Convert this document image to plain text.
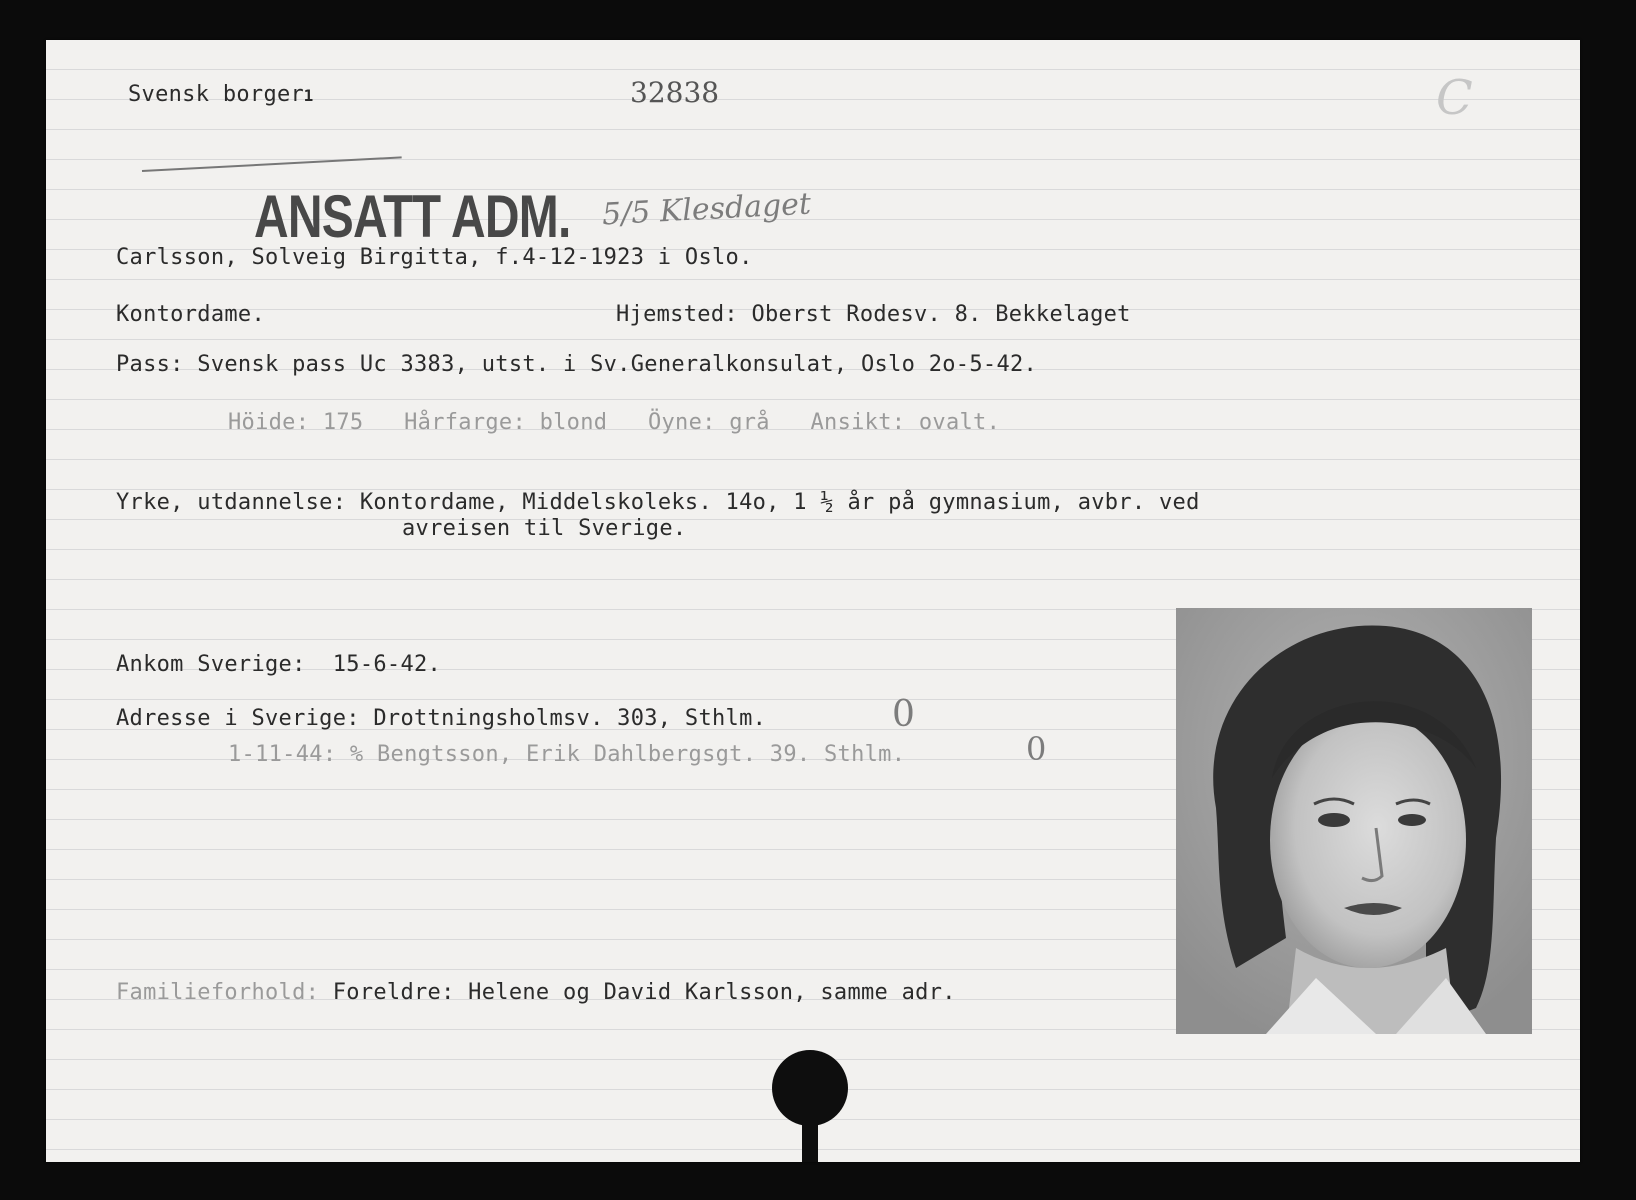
Svensk borger 1	32838	C
ANSATT ADM. 5/5 Klesdaget
Carlsson, Solveig Birgitta, f.4-12-1923 i Oslo.
Kontordame.	Hjemsted: Oberst Rodesv. 8. Bekkelaget
Pass: Svensk pass Uc 3383, utst. i Sv.Generalkonsulat, Oslo 2o-5-42.
Höide: 175 Hårfarge: blond Öyne: grå Ansikt: ovalt.
Yrke, utdannelse: Kontordame, Middelskoleks. 14o, 1 ½ år på gymnasium, avbr. ved
avreisen til Sverige.
Ankom Sverige: 15-6-42.
Adresse i Sverige: Drottningsholmsv. 303, Sthlm.	0
1-11-44: % Bengtsson, Erik Dahlbergsgt. 39. Sthlm.	0
Familieforhold: Foreldre: Helene og David Karlsson, samme adr.
